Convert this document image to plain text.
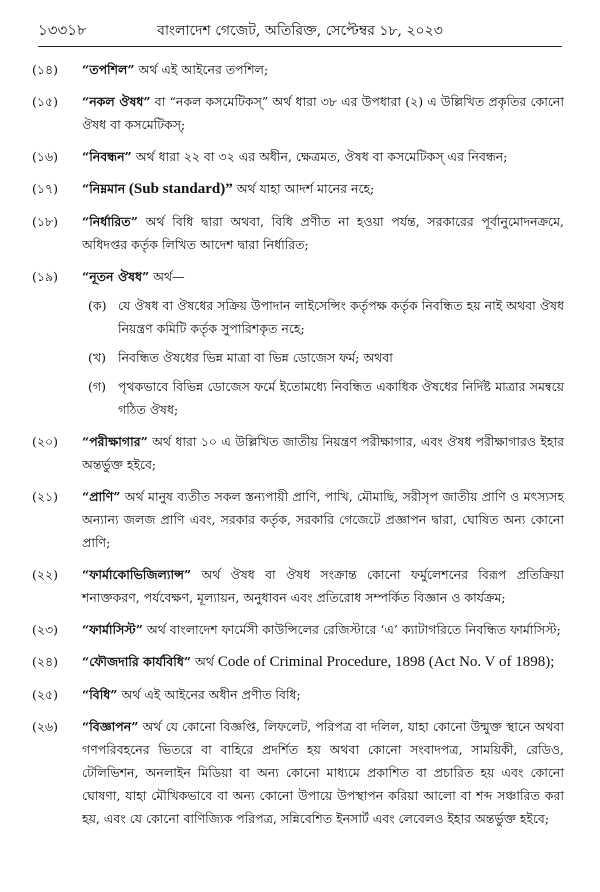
১৩৩১৮	বাংলাদেশ গেজেট, অতিরিক্ত, সেপ্টেম্বর ১৮, ২০২৩
(১৪)	“তপশিল” অর্থ এই আইনের তপশিল;
(১৫)	“নকল ঔষধ” বা “নকল কসমেটিকস্” অর্থ ধারা ৩৮ এর উপধারা (২) এ উল্লিখিত প্রকৃতির কোনো ঔষধ বা কসমেটিকস্;
(১৬)	“নিবন্ধন” অর্থ ধারা ২২ বা ৩২ এর অধীন, ক্ষেত্রমত, ঔষধ বা কসমেটিকস্ এর নিবন্ধন;
(১৭)	“নিম্নমান (Sub standard)” অর্থ যাহা আদর্শ মানের নহে;
(১৮)	“নির্ধারিত” অর্থ বিধি দ্বারা অথবা, বিধি প্রণীত না হওয়া পর্যন্ত, সরকারের পূর্বানুমোদনক্রমে, অধিদপ্তর কর্তৃক লিখিত আদেশ দ্বারা নির্ধারিত;
(১৯)	“নূতন ঔষধ” অর্থ—
(ক) যে ঔষধ বা ঔষধের সক্রিয় উপাদান লাইসেন্সিং কর্তৃপক্ষ কর্তৃক নিবন্ধিত হয় নাই অথবা ঔষধ নিয়ন্ত্রণ কমিটি কর্তৃক সুপারিশকৃত নহে;
(খ) নিবন্ধিত ঔষধের ভিন্ন মাত্রা বা ভিন্ন ডোজেস ফর্ম; অথবা
(গ) পৃথকভাবে বিভিন্ন ডোজেস ফর্মে ইতোমধ্যে নিবন্ধিত একাধিক ঔষধের নির্দিষ্ট মাত্রার সমন্বয়ে গঠিত ঔষধ;
(২০)	“পরীক্ষাগার” অর্থ ধারা ১০ এ উল্লিখিত জাতীয় নিয়ন্ত্রণ পরীক্ষাগার, এবং ঔষধ পরীক্ষাগারও ইহার অন্তর্ভুক্ত হইবে;
(২১)	“প্রাণি” অর্থ মানুষ ব্যতীত সকল স্তন্যপায়ী প্রাণি, পাখি, মৌমাছি, সরীসৃপ জাতীয় প্রাণি ও মৎস্যসহ অন্যান্য জলজ প্রাণি এবং, সরকার কর্তৃক, সরকারি গেজেটে প্রজ্ঞাপন দ্বারা, ঘোষিত অন্য কোনো প্রাণি;
(২২)	“ফার্মাকোভিজিল্যান্স” অর্থ ঔষধ বা ঔষধ সংক্রান্ত কোনো ফর্মুলেশনের বিরূপ প্রতিক্রিয়া শনাক্তকরণ, পর্যবেক্ষণ, মূল্যায়ন, অনুধাবন এবং প্রতিরোধ সম্পর্কিত বিজ্ঞান ও কার্যক্রম;
(২৩)	“ফার্মাসিস্ট” অর্থ বাংলাদেশ ফার্মেসী কাউন্সিলের রেজিস্টারে ‘এ’ ক্যাটাগরিতে নিবন্ধিত ফার্মাসিস্ট;
(২৪)	“ফৌজদারি কার্যবিধি” অর্থ Code of Criminal Procedure, 1898 (Act No. V of 1898);
(২৫)	“বিধি” অর্থ এই আইনের অধীন প্রণীত বিধি;
(২৬)	“বিজ্ঞাপন” অর্থ যে কোনো বিজ্ঞপ্তি, লিফলেট, পরিপত্র বা দলিল, যাহা কোনো উন্মুক্ত স্থানে অথবা গণপরিবহনের ভিতরে বা বাহিরে প্রদর্শিত হয় অথবা কোনো সংবাদপত্র, সাময়িকী, রেডিও, টেলিভিশন, অনলাইন মিডিয়া বা অন্য কোনো মাধ্যমে প্রকাশিত বা প্রচারিত হয় এবং কোনো ঘোষণা, যাহা মৌখিকভাবে বা অন্য কোনো উপায়ে উপস্থাপন করিয়া আলো বা শব্দ সঞ্চারিত করা হয়, এবং যে কোনো বাণিজ্যিক পরিপত্র, সন্নিবেশিত ইনসার্ট এবং লেবেলও ইহার অন্তর্ভুক্ত হইবে;
